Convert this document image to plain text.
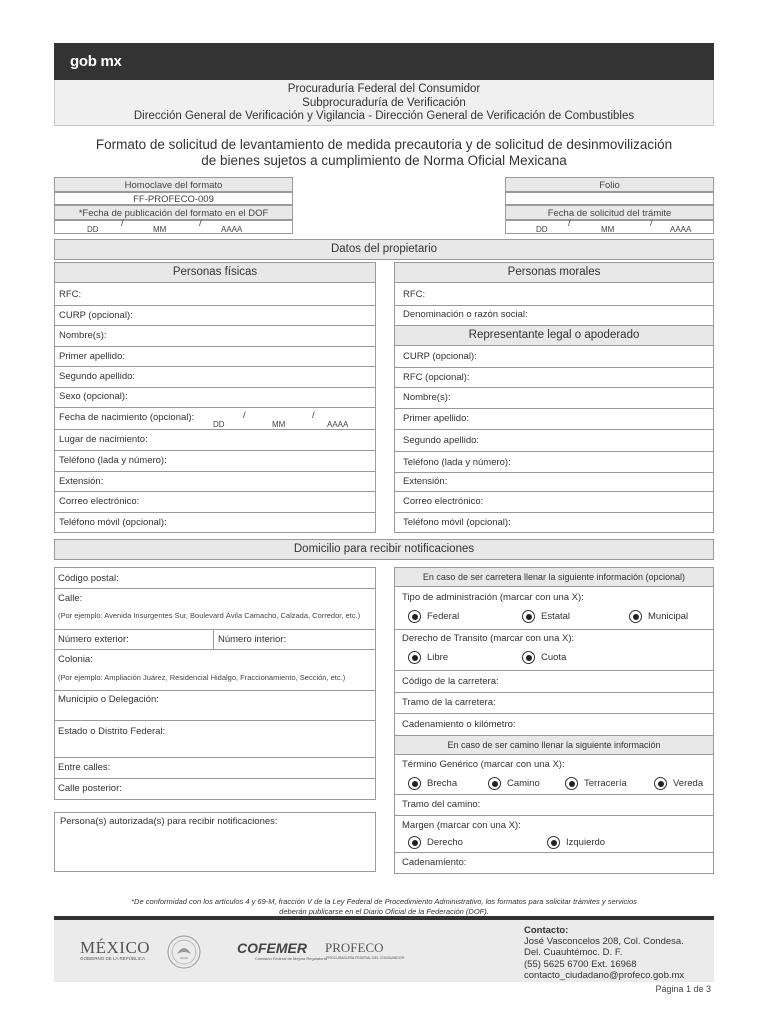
gob mx
Procuraduría Federal del Consumidor
Subprocuraduría de Verificación
Dirección General de Verificación y Vigilancia - Dirección General de Verificación de Combustibles
Formato de solicitud de levantamiento de medida precautoria y de solicitud de desinmovilización
de bienes sujetos a cumplimiento de Norma Oficial Mexicana
Homoclave del formato
FF-PROFECO-009
*Fecha de publicación del formato en el DOF
DD
/
MM
/
AAAA
Folio
Fecha de solicitud del trámite
DD
/
MM
/
AAAA
Datos del propietario
Personas físicas
RFC:
CURP (opcional):
Nombre(s):
Primer apellido:
Segundo apellido:
Sexo (opcional):
Fecha de nacimiento (opcional):
DD
/
MM
/
AAAA
Lugar de nacimiento:
Teléfono (lada y número):
Extensión:
Correo electrónico:
Teléfono móvil (opcional):
Personas morales
Representante legal o apoderado
RFC:
Denominación o razón social:
CURP (opcional):
RFC (opcional):
Nombre(s):
Primer apellido:
Segundo apellido:
Teléfono (lada y número):
Extensión:
Correo electrónico:
Teléfono móvil (opcional):
Domicilio para recibir notificaciones
Código postal:
Calle:
(Por ejemplo: Avenida Insurgentes Sur, Boulevard Ávila Camacho, Calzada, Corredor, etc.)
Número exterior:	Número interior:
Colonia:
(Por ejemplo: Ampliación Juárez, Residencial Hidalgo, Fraccionamiento, Sección, etc.)
Municipio o Delegación:
Estado o Distrito Federal:
Entre calles:
Calle posterior:
Persona(s) autorizada(s) para recibir notificaciones:
En caso de ser carretera llenar la siguiente información (opcional)
En caso de ser camino llenar la siguiente información
Tipo de administración (marcar con una X):
Federal	Estatal	Municipal
Derecho de Transito (marcar con una X):
Libre	Cuota
Código de la carretera:
Tramo de la carretera:
Cadenamiento o kilómetro:
Término Genérico (marcar con una X):
Brecha	Camino	Terracería	Vereda
Tramo del camino:
Margen (marcar con una X):
Derecho	Izquierdo
Cadenamiento:
*De conformidad con los artículos 4 y 69-M, fracción V de la Ley Federal de Procedimiento Administrativo, los formatos para solicitar trámites y servicios
deberán publicarse en el Diario Oficial de la Federación (DOF).
MÉXICO
GOBIERNO DE LA REPÚBLICA
COFEMER
Comisión Federal de Mejora Regulatoria
PROFECO
PROCURADURÍA FEDERAL DEL CONSUMIDOR
Contacto:
José Vasconcelos 208, Col. Condesa.
Del. Cuauhtémoc. D. F.
(55) 5625 6700 Ext. 16968
contacto_ciudadano@profeco.gob.mx
Página 1 de 3
